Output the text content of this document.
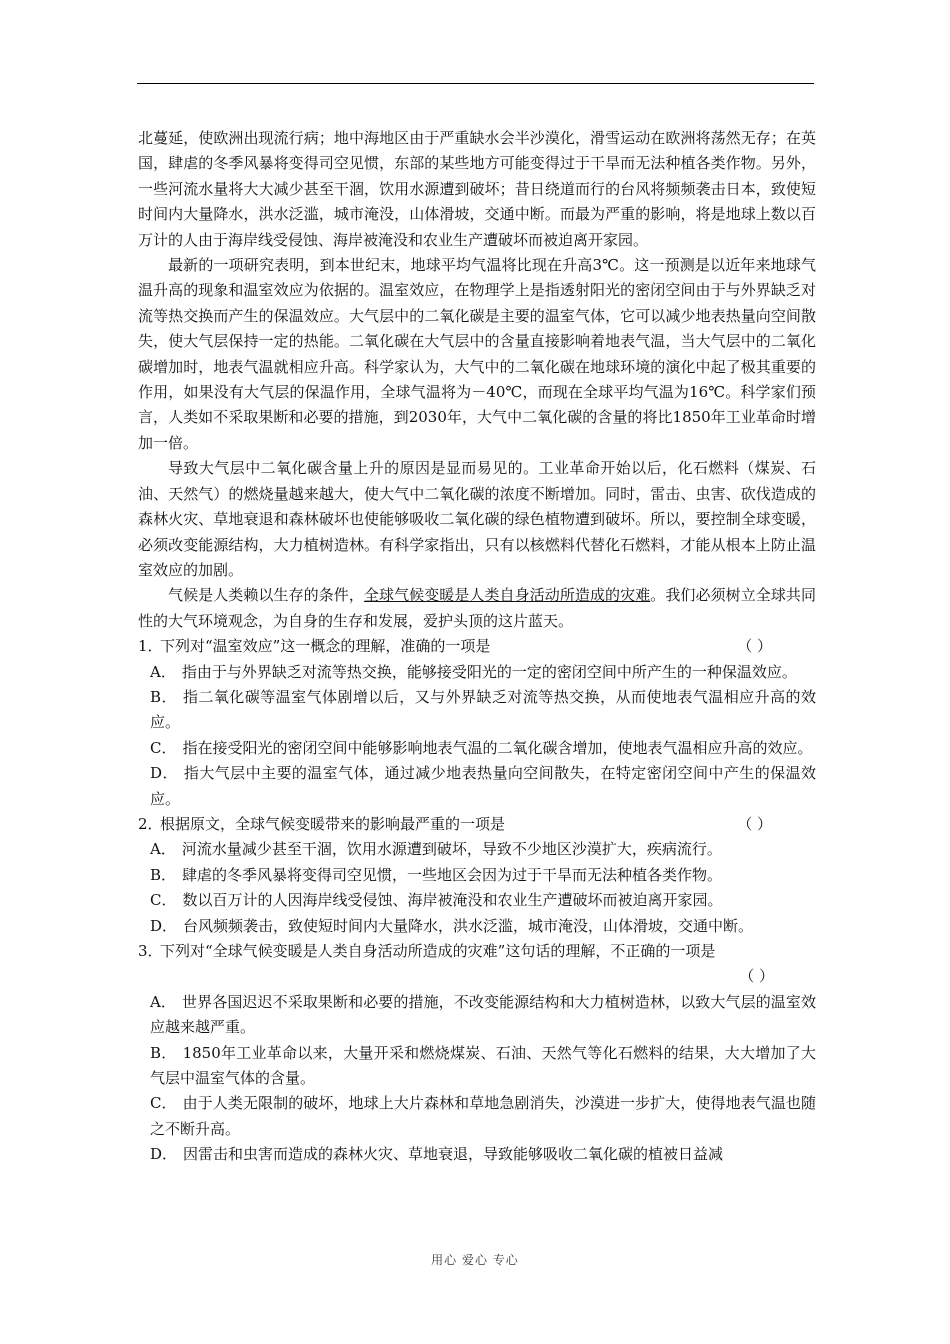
北蔓延，使欧洲出现流行病；地中海地区由于严重缺水会半沙漠化，滑雪运动在欧洲将荡然无存；在英国，肆虐的冬季风暴将变得司空见惯，东部的某些地方可能变得过于干旱而无法种植各类作物。另外，一些河流水量将大大减少甚至干涸，饮用水源遭到破坏；昔日绕道而行的台风将频频袭击日本，致使短时间内大量降水，洪水泛滥，城市淹没，山体滑坡，交通中断。而最为严重的影响，将是地球上数以百万计的人由于海岸线受侵蚀、海岸被淹没和农业生产遭破坏而被迫离开家园。

最新的一项研究表明，到本世纪末，地球平均气温将比现在升高3℃。这一预测是以近年来地球气温升高的现象和温室效应为依据的。温室效应，在物理学上是指透射阳光的密闭空间由于与外界缺乏对流等热交换而产生的保温效应。大气层中的二氧化碳是主要的温室气体，它可以减少地表热量向空间散失，使大气层保持一定的热能。二氧化碳在大气层中的含量直接影响着地表气温，当大气层中的二氧化碳增加时，地表气温就相应升高。科学家认为，大气中的二氧化碳在地球环境的演化中起了极其重要的作用，如果没有大气层的保温作用，全球气温将为－40℃，而现在全球平均气温为16℃。科学家们预言，人类如不采取果断和必要的措施，到2030年，大气中二氧化碳的含量的将比1850年工业革命时增加一倍。

导致大气层中二氧化碳含量上升的原因是显而易见的。工业革命开始以后，化石燃料（煤炭、石油、天然气）的燃烧量越来越大，使大气中二氧化碳的浓度不断增加。同时，雷击、虫害、砍伐造成的森林火灾、草地衰退和森林破坏也使能够吸收二氧化碳的绿色植物遭到破坏。所以，要控制全球变暖，必须改变能源结构，大力植树造林。有科学家指出，只有以核燃料代替化石燃料，才能从根本上防止温室效应的加剧。

气候是人类赖以生存的条件，全球气候变暖是人类自身活动所造成的灾难。我们必须树立全球共同性的大气环境观念，为自身的生存和发展，爱护头顶的这片蓝天。

1．
下列对“温室效应”这一概念的理解，准确的一项是	（ ）

A． 指由于与外界缺乏对流等热交换，能够接受阳光的一定的密闭空间中所产生的一种保温效应。

B． 指二氧化碳等温室气体剧增以后，又与外界缺乏对流等热交换，从而使地表气温相应升高的效应。

C． 指在接受阳光的密闭空间中能够影响地表气温的二氧化碳含增加，使地表气温相应升高的效应。

D． 指大气层中主要的温室气体，通过减少地表热量向空间散失，在特定密闭空间中产生的保温效应。

2．
根据原文，全球气候变暖带来的影响最严重的一项是	（ ）

A． 河流水量减少甚至干涸，饮用水源遭到破坏，导致不少地区沙漠扩大，疾病流行。

B． 肆虐的冬季风暴将变得司空见惯，一些地区会因为过于干旱而无法种植各类作物。

C． 数以百万计的人因海岸线受侵蚀、海岸被淹没和农业生产遭破坏而被迫离开家园。

D． 台风频频袭击，致使短时间内大量降水，洪水泛滥，城市淹没，山体滑坡，交通中断。

3．
下列对“全球气候变暖是人类自身活动所造成的灾难”这句话的理解，不正确的一项是
（ ）

A． 世界各国迟迟不采取果断和必要的措施，不改变能源结构和大力植树造林，以致大气层的温室效应越来越严重。

B． 1850年工业革命以来，大量开采和燃烧煤炭、石油、天然气等化石燃料的结果，大大增加了大气层中温室气体的含量。

C． 由于人类无限制的破坏，地球上大片森林和草地急剧消失，沙漠进一步扩大，使得地表气温也随之不断升高。

D． 因雷击和虫害而造成的森林火灾、草地衰退，导致能够吸收二氧化碳的植被日益减

用心 爱心 专心
